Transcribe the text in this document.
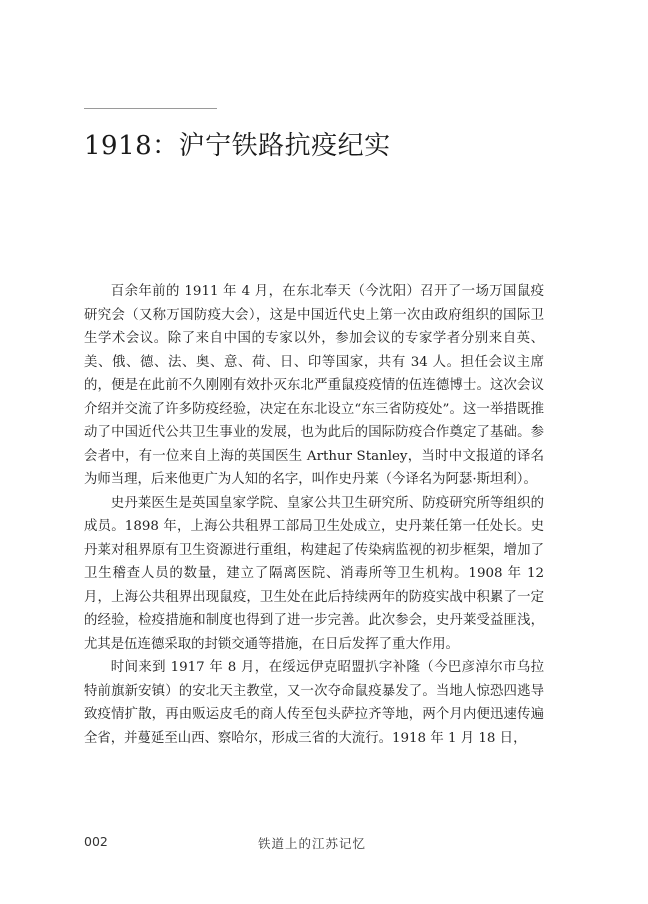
1918：沪宁铁路抗疫纪实

百余年前的 1911 年 4 月，在东北奉天（今沈阳）召开了一场万国鼠疫研究会（又称万国防疫大会），这是中国近代史上第一次由政府组织的国际卫生学术会议。除了来自中国的专家以外，参加会议的专家学者分别来自英、美、俄、德、法、奥、意、荷、日、印等国家，共有 34 人。担任会议主席的，便是在此前不久刚刚有效扑灭东北严重鼠疫疫情的伍连德博士。这次会议介绍并交流了许多防疫经验，决定在东北设立“东三省防疫处”。这一举措既推动了中国近代公共卫生事业的发展，也为此后的国际防疫合作奠定了基础。参会者中，有一位来自上海的英国医生 Arthur Stanley，当时中文报道的译名为师当理，后来他更广为人知的名字，叫作史丹莱（今译名为阿瑟·斯坦利）。

史丹莱医生是英国皇家学院、皇家公共卫生研究所、防疫研究所等组织的成员。1898 年，上海公共租界工部局卫生处成立，史丹莱任第一任处长。史丹莱对租界原有卫生资源进行重组，构建起了传染病监视的初步框架，增加了卫生稽查人员的数量，建立了隔离医院、消毒所等卫生机构。1908 年 12 月，上海公共租界出现鼠疫，卫生处在此后持续两年的防疫实战中积累了一定的经验，检疫措施和制度也得到了进一步完善。此次参会，史丹莱受益匪浅，尤其是伍连德采取的封锁交通等措施，在日后发挥了重大作用。

时间来到 1917 年 8 月，在绥远伊克昭盟扒字补隆（今巴彦淖尔市乌拉特前旗新安镇）的安北天主教堂，又一次夺命鼠疫暴发了。当地人惊恐四逃导致疫情扩散，再由贩运皮毛的商人传至包头萨拉齐等地，两个月内便迅速传遍全省，并蔓延至山西、察哈尔，形成三省的大流行。1918 年 1 月 18 日，

002	铁道上的江苏记忆
